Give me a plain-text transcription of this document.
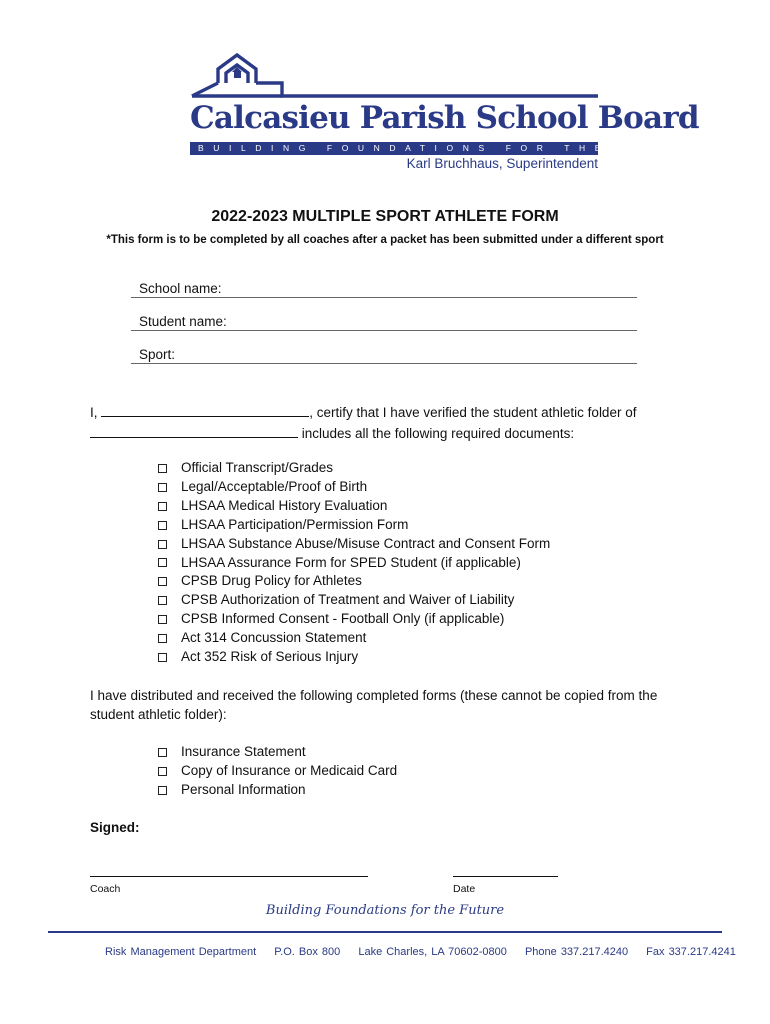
Calcasieu Parish School Board
BUILDING FOUNDATIONS FOR THE FUTURE
Karl Bruchhaus, Superintendent
2022-2023 MULTIPLE SPORT ATHLETE FORM
*This form is to be completed by all coaches after a packet has been submitted under a different sport
School name:
Student name:
Sport:
I,	, certify that I have verified the student athletic folder of
includes all the following required documents:
Official Transcript/Grades
Legal/Acceptable/Proof of Birth
LHSAA Medical History Evaluation
LHSAA Participation/Permission Form
LHSAA Substance Abuse/Misuse Contract and Consent Form
LHSAA Assurance Form for SPED Student (if applicable)
CPSB Drug Policy for Athletes
CPSB Authorization of Treatment and Waiver of Liability
CPSB Informed Consent - Football Only (if applicable)
Act 314 Concussion Statement
Act 352 Risk of Serious Injury
I have distributed and received the following completed forms (these cannot be copied from the student athletic folder):
Insurance Statement
Copy of Insurance or Medicaid Card
Personal Information
Signed:
Coach	Date
Building Foundations for the Future
Risk Management Department P.O. Box 800 Lake Charles, LA 70602-0800 Phone 337.217.4240 Fax 337.217.4241
